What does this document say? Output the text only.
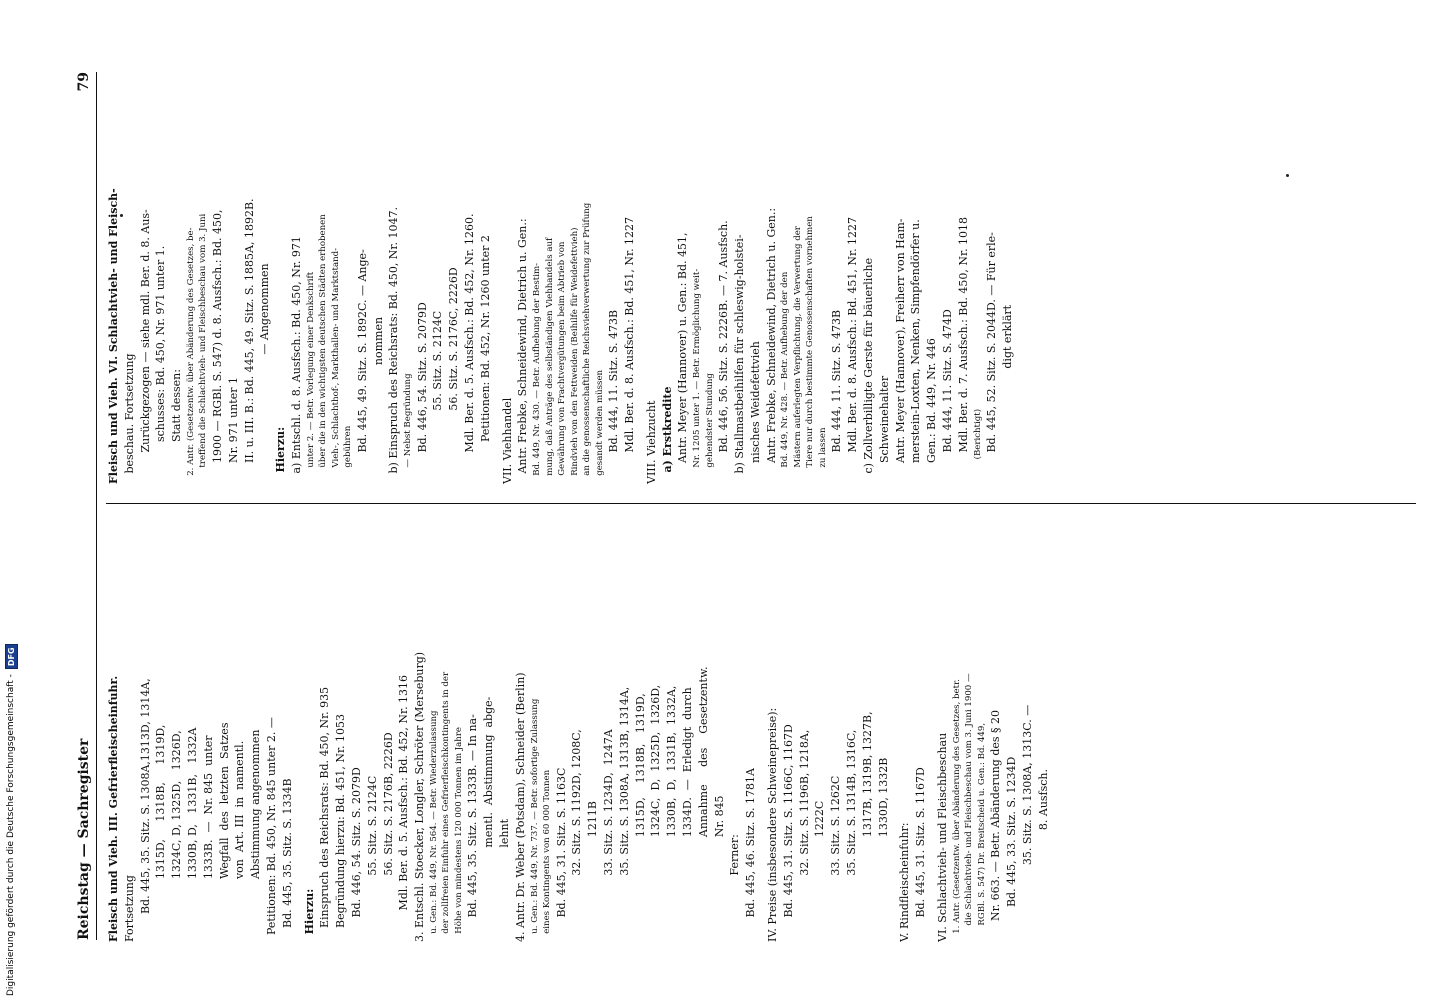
Reichstag — Sachregister
79
Fleisch und Vieh. III. Gefrierfleischeinfuhr. Fortsetzung Bd. 445, 35. Sitz. S. 1308A,1313D, 1314A, 1315D,     1318B,     1319D, 1324C, D, 1325D,   1326D, 1330B, D,   1331B,   1332A 1333B.  —  Nr. 845  unter Wegfall  des  letzten  Satzes von  Art. III  in  namentl. Abstimmung angenommen Petitionen: Bd. 450, Nr. 845 unter 2. — Bd. 445, 35. Sitz. S. 1334B Hierzu: Einspruch des Reichsrats: Bd. 450, Nr. 935 Begründung hierzu: Bd. 451, Nr. 1053 Bd. 446, 54. Sitz. S. 2079D 55. Sitz. S. 2124C 56. Sitz. S. 2176B, 2226D Mdl. Ber. d. 5. Ausfsch.: Bd. 452, Nr. 1316 3. Entschl. Stoecker, Longler, Schröter (Merseburg) u. Gen.: Bd. 449, Nr. 564. — Betr. Wiederzulassung der zollfreien Einfuhr eines Gefrierfleischkontingents in der Höhe von mindestens 120 000 Tonnen im Jahre Bd. 445, 35. Sitz. S. 1333B. — In na- mentl.  Abstimmung  abge- lehnt 4. Antr. Dr. Weber (Potsdam), Schneider (Berlin) u. Gen.: Bd. 449, Nr. 737. — Betr. sofortige Zulassung eines Kontingents von 60 000 Tonnen Bd. 445, 31. Sitz. S. 1163C 32. Sitz. S. 1192D, 1208C, 1211B 33. Sitz. S. 1234D,  1247A 35. Sitz. S. 1308A, 1313B, 1314A, 1315D,    1318B,   1319D, 1324C,  D,  1325D,  1326D, 1330B,  D,  1331B,  1332A, 1334D.  —  Erledigt  durch Annahme     des    Gesetzentw. Nr. 845 Ferner: Bd. 445, 46. Sitz. S. 1781A IV. Preise (insbesondere Schweinepreise): Bd. 445, 31. Sitz. S. 1166C, 1167D 32. Sitz. S. 1196B, 1218A, 1222C 33. Sitz. S. 1262C 35. Sitz. S. 1314B, 1316C, 1317B, 1319B, 1327B, 1330D, 1332B V. Rindfleischeinfuhr: Bd. 445, 31. Sitz. S. 1167D VI. Schlachtvieh- und Fleischbeschau 1. Antr. (Gesetzentw. über Abänderung des Gesetzes, betr. die Schlachtvieh- und Fleischbeschau vom 3. Juni 1900 — RGBl. S. 547) Dr. Breitscheid u. Gen.: Bd. 449, Nr. 663. — Betr. Abänderung des § 20 Bd. 445, 33. Sitz. S. 1234D 35. Sitz. S. 1308A, 1313C. — 8. Ausfsch.
Fleisch und Vieh. VI. Schlachtvieh- und Fleisch- beschau. Fortsetzung Zurückgezogen — siehe mdl. Ber. d. 8. Aus- schusses: Bd. 450, Nr. 971 unter 1. Statt dessen: 2. Antr. (Gesetzentw. über Abänderung des Gesetzes, be- treffend die Schlachtvieh- und Fleischbeschau vom 3. Juni 1900 — RGBl. S. 547) d. 8. Ausfsch.: Bd. 450, Nr. 971 unter 1 II. u. III. B.: Bd. 445, 49. Sitz. S. 1885A, 1892B. — Angenommen Hierzu: a) Entschl. d. 8. Ausfsch.: Bd. 450, Nr. 971 unter 2. — Betr. Vorlegung einer Denkschrift über die in den wichtigsten deutschen Städten erhobenen Vieh-, Schlachthof-, Markthallen- und Marktstand- gebühren Bd. 445, 49. Sitz. S. 1892C. — Ange- nommen b) Einspruch des Reichsrats: Bd. 450, Nr. 1047. — Nebst Begründung Bd. 446, 54. Sitz. S. 2079D 55. Sitz. S. 2124C 56. Sitz. S. 2176C, 2226D Mdl. Ber. d. 5. Ausfsch.: Bd. 452, Nr. 1260. Petitionen: Bd. 452, Nr. 1260 unter 2 VII. Viehhandel Antr. Frebke, Schneidewind, Dietrich u. Gen.: Bd. 449, Nr. 430. — Betr. Aufhebung der Bestim- mung, daß Anträge des selbständigen Viehhandels auf Gewährung von Frachtvergütungen beim Abtrieb von Rindvieh von den Fettweiden (Beihilfe für Weidefettvieh) an die genossenschaftliche Reichsviehverwertung zur Prüfung gesandt werden müssen Bd. 444, 11. Sitz. S. 473B Mdl. Ber. d. 8. Ausfsch.: Bd. 451, Nr. 1227 VIII. Viehzucht a) Erstkredite Antr. Meyer (Hannover) u. Gen.: Bd. 451, Nr. 1205 unter 1. — Betr. Ermöglichung weit- gehendster Stundung Bd. 446, 56. Sitz. S. 2226B. — 7. Ausfsch. b) Stallmastbeihilfen für schleswig-holstei- nisches Weidefettvieh Antr. Frebke, Schneidewind, Dietrich u. Gen.: Bd. 449, Nr. 428. — Betr. Aufhebung der den Mästern auferlegten Verpflichtung, die Verwertung der Tiere nur durch bestimmte Genossenschaften vornehmen zu lassen Bd. 444, 11. Sitz. S. 473B Mdl. Ber. d. 8. Ausfsch.: Bd. 451, Nr. 1227 c) Zollverbilligte Gerste für bäuerliche Schweinehalter Antr. Meyer (Hannover), Freiherr von Ham- merstein-Loxten, Nenken, Simpfendörfer u. Gen.: Bd. 449, Nr. 446 Bd. 444, 11. Sitz. S. 474D Mdl. Ber. d. 7. Ausfsch.: Bd. 450, Nr. 1018 (Berichtigt) Bd. 445, 52. Sitz. S. 2044D. — Für erle- digt erklärt
Digitalisierung gefördert durch die Deutsche Forschungsgemeinschaft -
DFG
